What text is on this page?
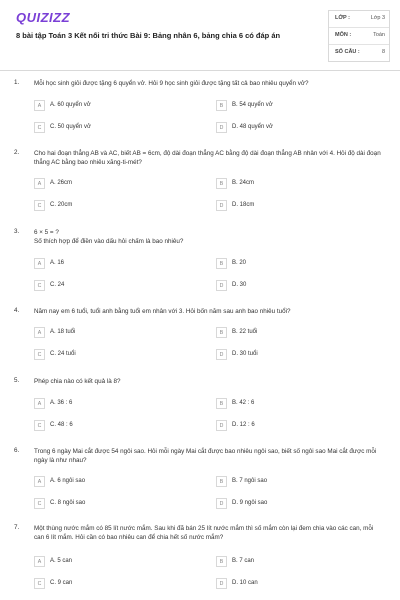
QUIZIZZ
8 bài tập Toán 3 Kết nối tri thức Bài 9: Bảng nhân 6, bảng chia 6 có đáp án
LỚP :	Lớp 3
MÔN :	Toán
SỐ CÂU :	8
1. Mỗi học sinh giỏi được tặng 6 quyển vở. Hỏi 9 học sinh giỏi được tặng tất cả bao nhiêu quyển vở?
A	A. 60 quyển vở	B	B. 54 quyển vở
C	C. 50 quyển vở	D	D. 48 quyển vở
2. Cho hai đoạn thẳng AB và AC, biết AB = 6cm, độ dài đoạn thẳng AC bằng độ dài đoạn thẳng AB nhân với 4. Hỏi độ dài đoạn thẳng AC bằng bao nhiêu xăng-ti-mét?
A	A. 26cm	B	B. 24cm
C	C. 20cm	D	D. 18cm
3. 6 × 5 = ?
Số thích hợp để điền vào dấu hỏi chấm là bao nhiêu?
A	A. 16	B	B. 20
C	C. 24	D	D. 30
4. Năm nay em 6 tuổi, tuổi anh bằng tuổi em nhân với 3. Hỏi bốn năm sau anh bao nhiêu tuổi?
A	A. 18 tuổi	B	B. 22 tuổi
C	C. 24 tuổi	D	D. 30 tuổi
5. Phép chia nào có kết quả là 8?
A	A. 36 : 6	B	B. 42 : 6
C	C. 48 : 6	D	D. 12 : 6
6. Trong 6 ngày Mai cắt được 54 ngôi sao. Hỏi mỗi ngày Mai cắt được bao nhiêu ngôi sao, biết số ngôi sao Mai cắt được mỗi ngày là như nhau?
A	A. 6 ngôi sao	B	B. 7 ngôi sao
C	C. 8 ngôi sao	D	D. 9 ngôi sao
7. Một thùng nước mắm có 85 lít nước mắm. Sau khi đã bán 25 lít nước mắm thì số mắm còn lại đem chia vào các can, mỗi can 6 lít mắm. Hỏi cần có bao nhiêu can để chia hết số nước mắm?
A	A. 5 can	B	B. 7 can
C	C. 9 can	D	D. 10 can
